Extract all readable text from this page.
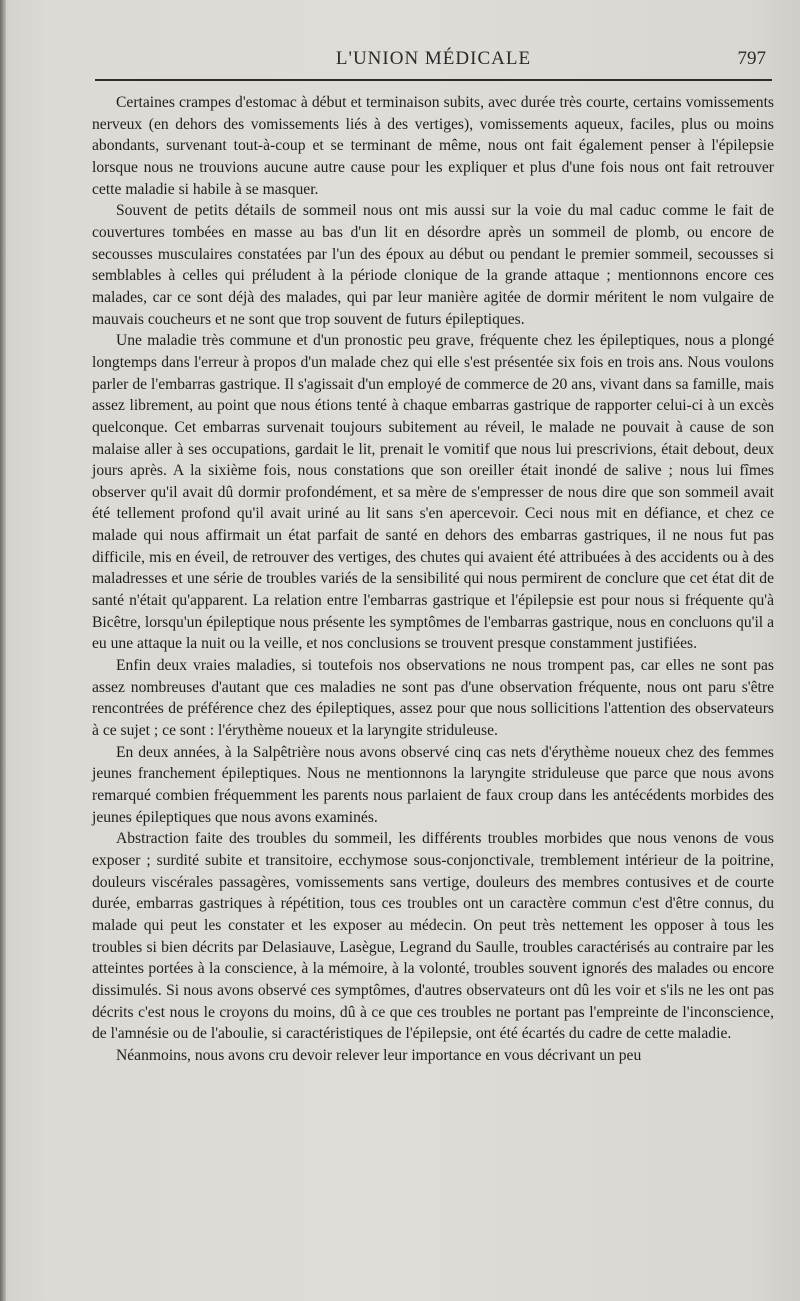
L'UNION MÉDICALE	797

Certaines crampes d'estomac à début et terminaison subits, avec durée très courte, certains vomissements nerveux (en dehors des vomissements liés à des vertiges), vomissements aqueux, faciles, plus ou moins abondants, survenant tout-à-coup et se terminant de même, nous ont fait également penser à l'épilepsie lorsque nous ne trouvions aucune autre cause pour les expliquer et plus d'une fois nous ont fait retrouver cette maladie si habile à se masquer.

Souvent de petits détails de sommeil nous ont mis aussi sur la voie du mal caduc comme le fait de couvertures tombées en masse au bas d'un lit en désordre après un sommeil de plomb, ou encore de secousses musculaires constatées par l'un des époux au début ou pendant le premier sommeil, secousses si semblables à celles qui préludent à la période clonique de la grande attaque ; mentionnons encore ces malades, car ce sont déjà des malades, qui par leur manière agitée de dormir méritent le nom vulgaire de mauvais coucheurs et ne sont que trop souvent de futurs épileptiques.

Une maladie très commune et d'un pronostic peu grave, fréquente chez les épileptiques, nous a plongé longtemps dans l'erreur à propos d'un malade chez qui elle s'est présentée six fois en trois ans. Nous voulons parler de l'embarras gastrique. Il s'agissait d'un employé de commerce de 20 ans, vivant dans sa famille, mais assez librement, au point que nous étions tenté à chaque embarras gastrique de rapporter celui-ci à un excès quelconque. Cet embarras survenait toujours subitement au réveil, le malade ne pouvait à cause de son malaise aller à ses occupations, gardait le lit, prenait le vomitif que nous lui prescrivions, était debout, deux jours après. A la sixième fois, nous constations que son oreiller était inondé de salive ; nous lui fîmes observer qu'il avait dû dormir profondément, et sa mère de s'empresser de nous dire que son sommeil avait été tellement profond qu'il avait uriné au lit sans s'en apercevoir. Ceci nous mit en défiance, et chez ce malade qui nous affirmait un état parfait de santé en dehors des embarras gastriques, il ne nous fut pas difficile, mis en éveil, de retrouver des vertiges, des chutes qui avaient été attribuées à des accidents ou à des maladresses et une série de troubles variés de la sensibilité qui nous permirent de conclure que cet état dit de santé n'était qu'apparent. La relation entre l'embarras gastrique et l'épilepsie est pour nous si fréquente qu'à Bicêtre, lorsqu'un épileptique nous présente les symptômes de l'embarras gastrique, nous en concluons qu'il a eu une attaque la nuit ou la veille, et nos conclusions se trouvent presque constamment justifiées.

Enfin deux vraies maladies, si toutefois nos observations ne nous trompent pas, car elles ne sont pas assez nombreuses d'autant que ces maladies ne sont pas d'une observation fréquente, nous ont paru s'être rencontrées de préférence chez des épileptiques, assez pour que nous sollicitions l'attention des observateurs à ce sujet ; ce sont : l'érythème noueux et la laryngite striduleuse.

En deux années, à la Salpêtrière nous avons observé cinq cas nets d'érythème noueux chez des femmes jeunes franchement épileptiques. Nous ne mentionnons la laryngite striduleuse que parce que nous avons remarqué combien fréquemment les parents nous parlaient de faux croup dans les antécédents morbides des jeunes épileptiques que nous avons examinés.

Abstraction faite des troubles du sommeil, les différents troubles morbides que nous venons de vous exposer ; surdité subite et transitoire, ecchymose sous-conjonctivale, tremblement intérieur de la poitrine, douleurs viscérales passagères, vomissements sans vertige, douleurs des membres contusives et de courte durée, embarras gastriques à répétition, tous ces troubles ont un caractère commun c'est d'être connus, du malade qui peut les constater et les exposer au médecin. On peut très nettement les opposer à tous les troubles si bien décrits par Delasiauve, Lasègue, Legrand du Saulle, troubles caractérisés au contraire par les atteintes portées à la conscience, à la mémoire, à la volonté, troubles souvent ignorés des malades ou encore dissimulés. Si nous avons observé ces symptômes, d'autres observateurs ont dû les voir et s'ils ne les ont pas décrits c'est nous le croyons du moins, dû à ce que ces troubles ne portant pas l'empreinte de l'inconscience, de l'amnésie ou de l'aboulie, si caractéristiques de l'épilepsie, ont été écartés du cadre de cette maladie.

Néanmoins, nous avons cru devoir relever leur importance en vous décrivant un peu
